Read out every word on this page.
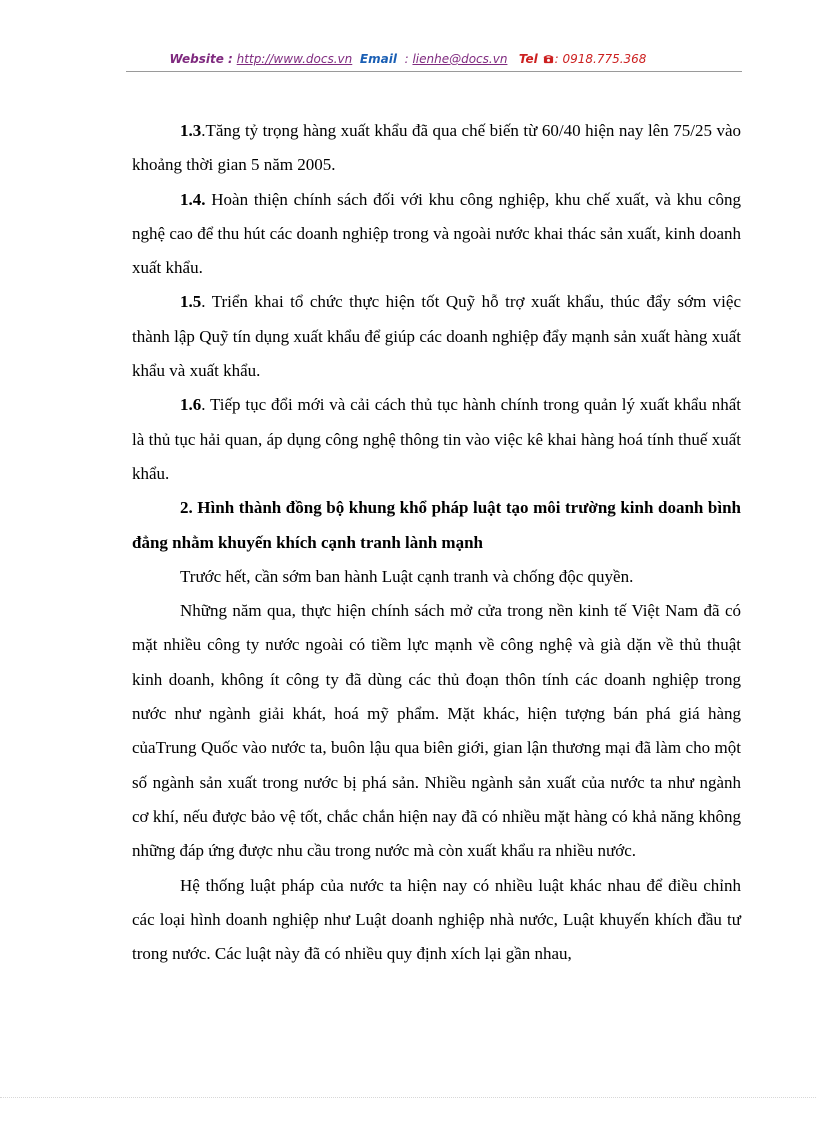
Website : http://www.docs.vn Email : lienhe@docs.vn Tel : 0918.775.368

1.3.Tăng tỷ trọng hàng xuất khẩu đã qua chế biến từ 60/40 hiện nay lên 75/25 vào khoảng thời gian 5 năm 2005.

1.4. Hoàn thiện chính sách đối với khu công nghiệp, khu chế xuất, và khu công nghệ cao để thu hút các doanh nghiệp trong và ngoài nước khai thác sản xuất, kinh doanh xuất khẩu.

1.5. Triển khai tổ chức thực hiện tốt Quỹ hỗ trợ xuất khẩu, thúc đẩy sớm việc thành lập Quỹ tín dụng xuất khẩu để giúp các doanh nghiệp đẩy mạnh sản xuất hàng xuất khẩu và xuất khẩu.

1.6. Tiếp tục đổi mới và cải cách thủ tục hành chính trong quản lý xuất khẩu nhất là thủ tục hải quan, áp dụng công nghệ thông tin vào việc kê khai hàng hoá tính thuế xuất khẩu.

2. Hình thành đồng bộ khung khổ pháp luật tạo môi trường kinh doanh bình đẳng nhằm khuyến khích cạnh tranh lành mạnh

Trước hết, cần sớm ban hành Luật cạnh tranh và chống độc quyền.

Những năm qua, thực hiện chính sách mở cửa trong nền kinh tế Việt Nam đã có mặt nhiều công ty nước ngoài có tiềm lực mạnh về công nghệ và già dặn về thủ thuật kinh doanh, không ít công ty đã dùng các thủ đoạn thôn tính các doanh nghiệp trong nước như ngành giải khát, hoá mỹ phẩm. Mặt khác, hiện tượng bán phá giá hàng củaTrung Quốc vào nước ta, buôn lậu qua biên giới, gian lận thương mại đã làm cho một số ngành sản xuất trong nước bị phá sản. Nhiều ngành sản xuất của nước ta như ngành cơ khí, nếu được bảo vệ tốt, chắc chắn hiện nay đã có nhiều mặt hàng có khả năng không những đáp ứng được nhu cầu trong nước mà còn xuất khẩu ra nhiều nước.

Hệ thống luật pháp của nước ta hiện nay có nhiều luật khác nhau để điều chỉnh các loại hình doanh nghiệp như Luật doanh nghiệp nhà nước, Luật khuyến khích đầu tư trong nước. Các luật này đã có nhiều quy định xích lại gần nhau,
